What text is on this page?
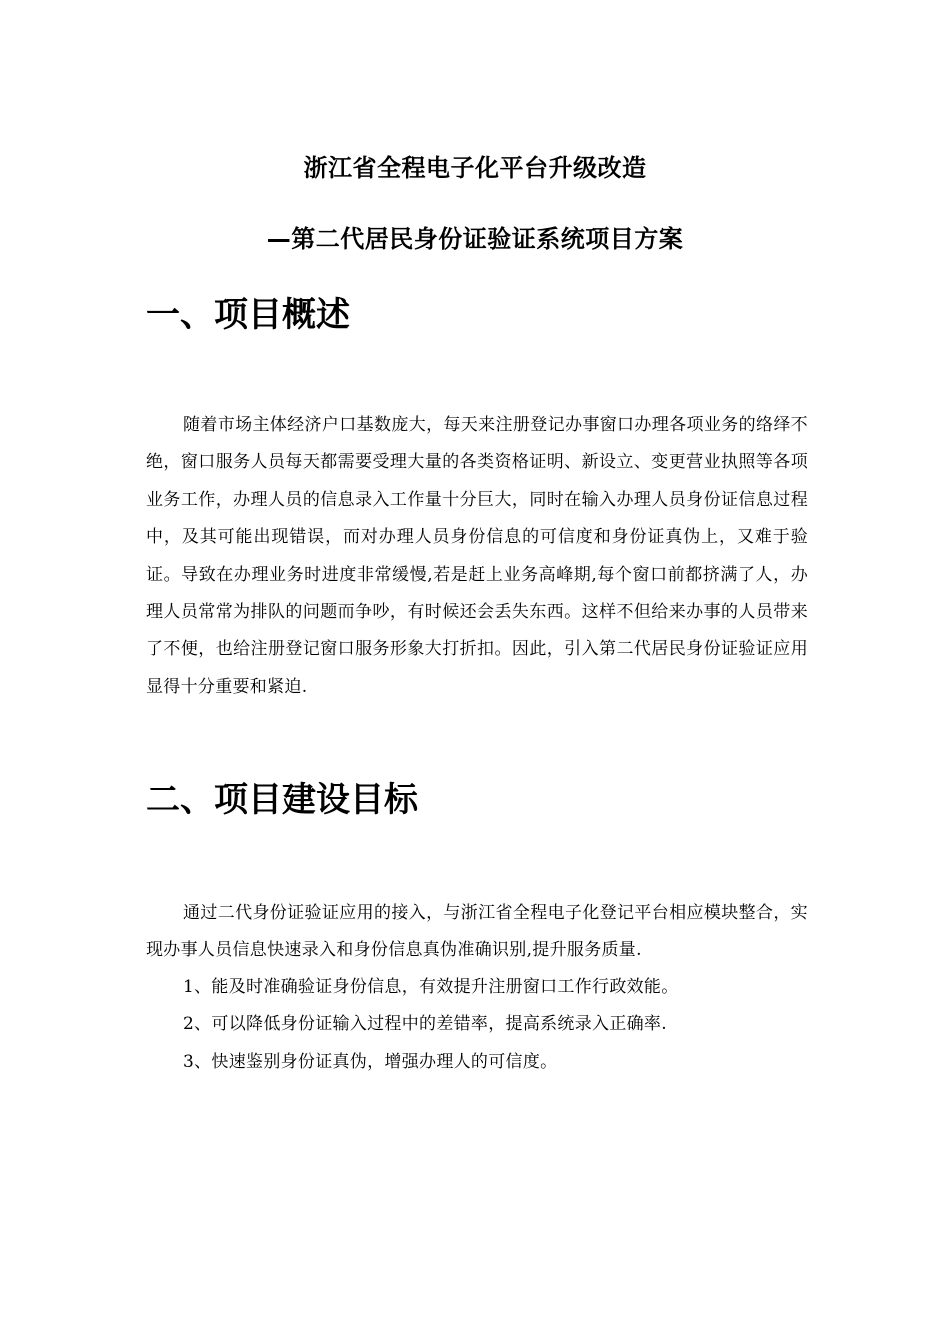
浙江省全程电子化平台升级改造
—第二代居民身份证验证系统项目方案
一、项目概述

随着市场主体经济户口基数庞大，每天来注册登记办事窗口办理各项业务的络绎不绝，窗口服务人员每天都需要受理大量的各类资格证明、新设立、变更营业执照等各项业务工作，办理人员的信息录入工作量十分巨大，同时在输入办理人员身份证信息过程中，及其可能出现错误，而对办理人员身份信息的可信度和身份证真伪上，又难于验证。导致在办理业务时进度非常缓慢,若是赶上业务高峰期,每个窗口前都挤满了人，办理人员常常为排队的问题而争吵，有时候还会丢失东西。这样不但给来办事的人员带来了不便，也给注册登记窗口服务形象大打折扣。因此，引入第二代居民身份证验证应用显得十分重要和紧迫.

二、项目建设目标

通过二代身份证验证应用的接入，与浙江省全程电子化登记平台相应模块整合，实现办事人员信息快速录入和身份信息真伪准确识别,提升服务质量.

1、能及时准确验证身份信息，有效提升注册窗口工作行政效能。
2、可以降低身份证输入过程中的差错率，提高系统录入正确率.
3、快速鉴别身份证真伪，增强办理人的可信度。
